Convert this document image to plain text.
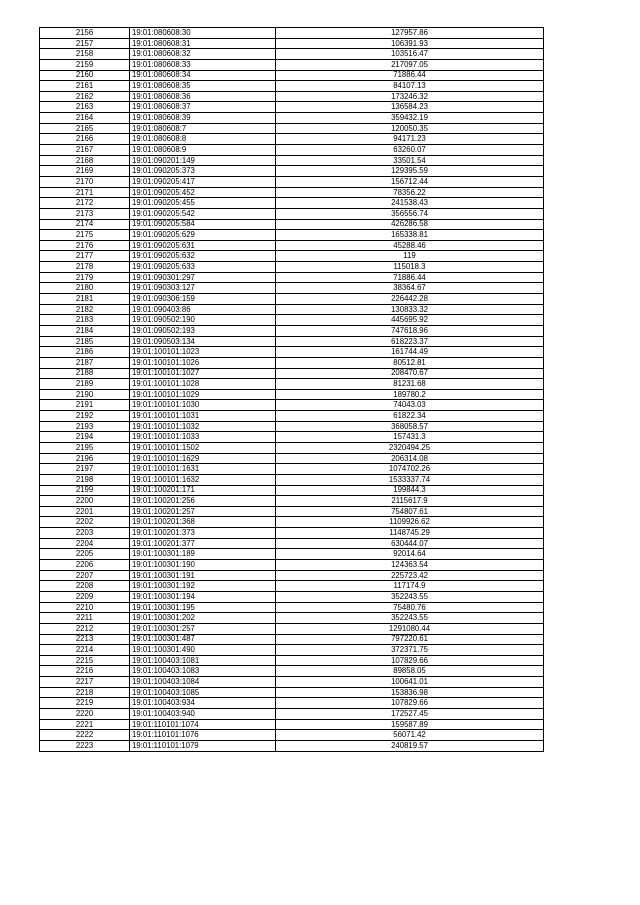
2156	19:01:080608:30	127957.86
2157	19:01:080608:31	106391.93
2158	19:01:080608:32	103516.47
2159	19:01:080608:33	217097.05
2160	19:01:080608:34	71886.44
2161	19:01:080608:35	84107.13
2162	19:01:080608:36	173246.32
2163	19:01:080608:37	136584.23
2164	19:01:080608:39	359432.19
2165	19:01:080608:7	120050.35
2166	19:01:080608:8	94171.23
2167	19:01:080608:9	63260.07
2168	19:01:090201:149	33501.54
2169	19:01:090205:373	129395.59
2170	19:01:090205:417	156712.44
2171	19:01:090205:452	78356.22
2172	19:01:090205:455	241538.43
2173	19:01:090205:542	356556.74
2174	19:01:090205:584	426286.58
2175	19:01:090205:629	165338.81
2176	19:01:090205:631	45288.46
2177	19:01:090205:632	119
2178	19:01:090205:633	115018.3
2179	19:01:090301:297	71886.44
2180	19:01:090303:127	38364.67
2181	19:01:090306:159	226442.28
2182	19:01:090403:86	130833.32
2183	19:01:090502:190	445695.92
2184	19:01:090502:193	747618.96
2185	19:01:090503:134	618223.37
2186	19:01:100101:1023	161744.49
2187	19:01:100101:1026	80512.81
2188	19:01:100101:1027	208470.67
2189	19:01:100101:1028	81231.68
2190	19:01:100101:1029	189780.2
2191	19:01:100101:1030	74043.03
2192	19:01:100101:1031	61822.34
2193	19:01:100101:1032	368058.57
2194	19:01:100101:1033	157431.3
2195	19:01:100101:1502	2320494.25
2196	19:01:100101:1629	206314.08
2197	19:01:100101:1631	1074702.26
2198	19:01:100101:1632	1533337.74
2199	19:01:100201:171	199844.3
2200	19:01:100201:256	2115617.9
2201	19:01:100201:257	754807.61
2202	19:01:100201:368	1109926.62
2203	19:01:100201:373	1148745.29
2204	19:01:100201:377	630444.07
2205	19:01:100301:189	92014.64
2206	19:01:100301:190	124363.54
2207	19:01:100301:191	225723.42
2208	19:01:100301:192	117174.9
2209	19:01:100301:194	352243.55
2210	19:01:100301:195	75480.76
2211	19:01:100301:202	352243.55
2212	19:01:100301:257	1291080.44
2213	19:01:100301:487	797220.61
2214	19:01:100301:490	372371.75
2215	19:01:100403:1081	107829.66
2216	19:01:100403:1083	89858.05
2217	19:01:100403:1084	100641.01
2218	19:01:100403:1085	153836.98
2219	19:01:100403:934	107829.66
2220	19:01:100403:940	172527.45
2221	19:01:110101:1074	159587.89
2222	19:01:110101:1076	56071.42
2223	19:01:110101:1079	240819.57
